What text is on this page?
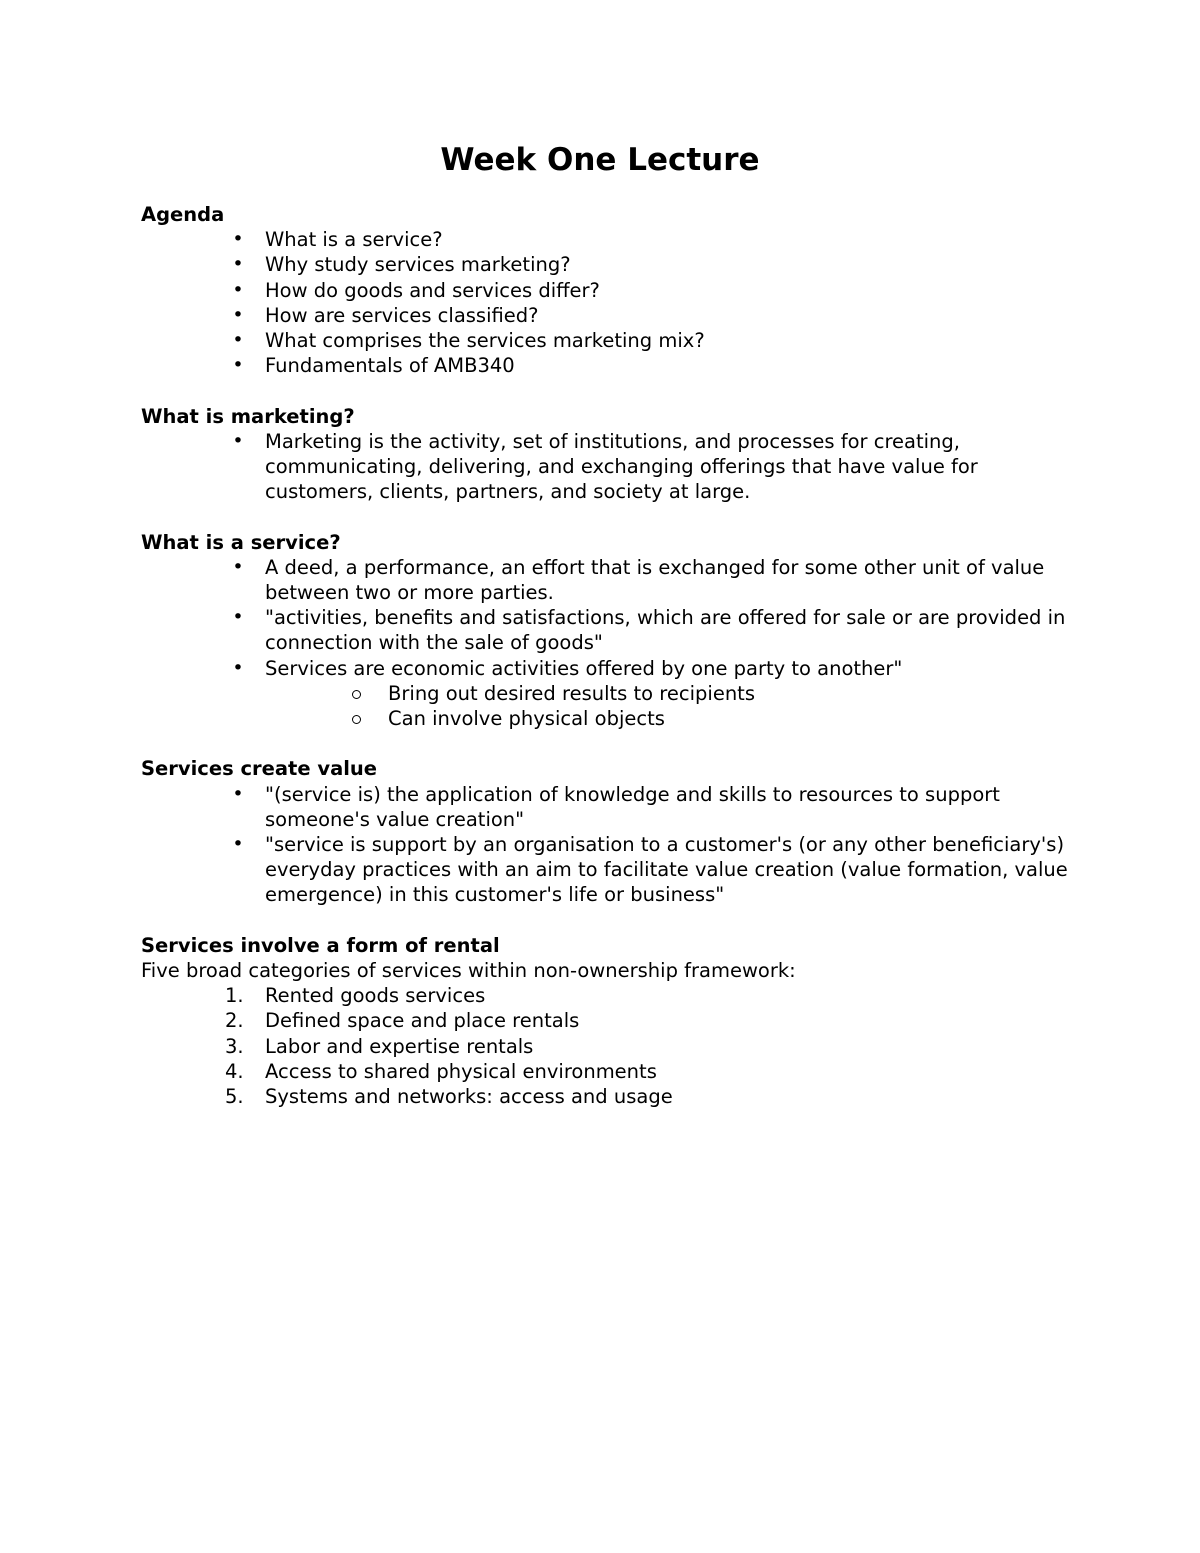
Week One Lecture

Agenda

• What is a service?
• Why study services marketing?
• How do goods and services differ?
• How are services classified?
• What comprises the services marketing mix?
• Fundamentals of AMB340

What is marketing?

• Marketing is the activity, set of institutions, and processes for creating, communicating, delivering, and exchanging offerings that have value for customers, clients, partners, and society at large.

What is a service?

• A deed, a performance, an effort that is exchanged for some other unit of value between two or more parties.
• "activities, benefits and satisfactions, which are offered for sale or are provided in connection with the sale of goods"
• Services are economic activities offered by one party to another"
Bring out desired results to recipients
Can involve physical objects

Services create value

• "(service is) the application of knowledge and skills to resources to support someone's value creation"
• "service is support by an organisation to a customer's (or any other beneficiary's) everyday practices with an aim to facilitate value creation (value formation, value emergence) in this customer's life or business"

Services involve a form of rental

Five broad categories of services within non-ownership framework:

1.	Rented goods services
2.	Defined space and place rentals
3.	Labor and expertise rentals
4.	Access to shared physical environments
5.	Systems and networks: access and usage
